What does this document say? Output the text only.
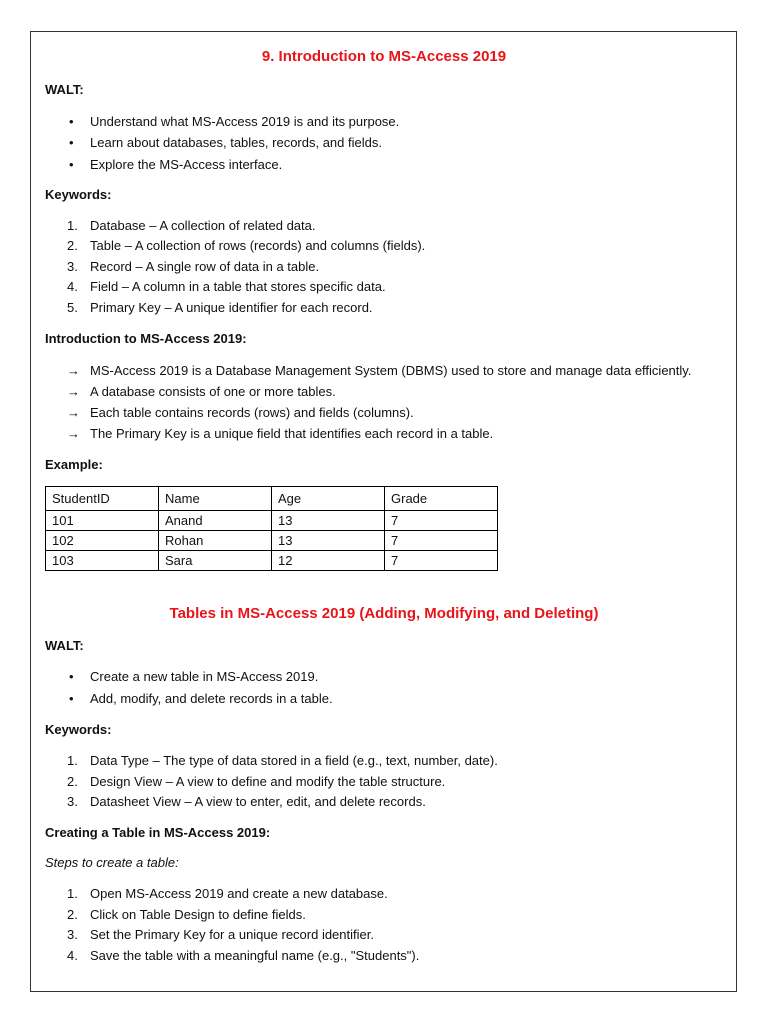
9. Introduction to MS-Access 2019
WALT:
• Understand what MS-Access 2019 is and its purpose.
• Learn about databases, tables, records, and fields.
• Explore the MS-Access interface.
Keywords:
1. Database – A collection of related data.
2. Table – A collection of rows (records) and columns (fields).
3. Record – A single row of data in a table.
4. Field – A column in a table that stores specific data.
5. Primary Key – A unique identifier for each record.
Introduction to MS-Access 2019:
→ MS-Access 2019 is a Database Management System (DBMS) used to store and manage data efficiently.
→ A database consists of one or more tables.
→ Each table contains records (rows) and fields (columns).
→ The Primary Key is a unique field that identifies each record in a table.
Example:
StudentID	Name	Age	Grade
101	Anand	13	7
102	Rohan	13	7
103	Sara	12	7
Tables in MS-Access 2019 (Adding, Modifying, and Deleting)
WALT:
• Create a new table in MS-Access 2019.
• Add, modify, and delete records in a table.
Keywords:
1. Data Type – The type of data stored in a field (e.g., text, number, date).
2. Design View – A view to define and modify the table structure.
3. Datasheet View – A view to enter, edit, and delete records.
Creating a Table in MS-Access 2019:
Steps to create a table:
1. Open MS-Access 2019 and create a new database.
2. Click on Table Design to define fields.
3. Set the Primary Key for a unique record identifier.
4. Save the table with a meaningful name (e.g., "Students").
